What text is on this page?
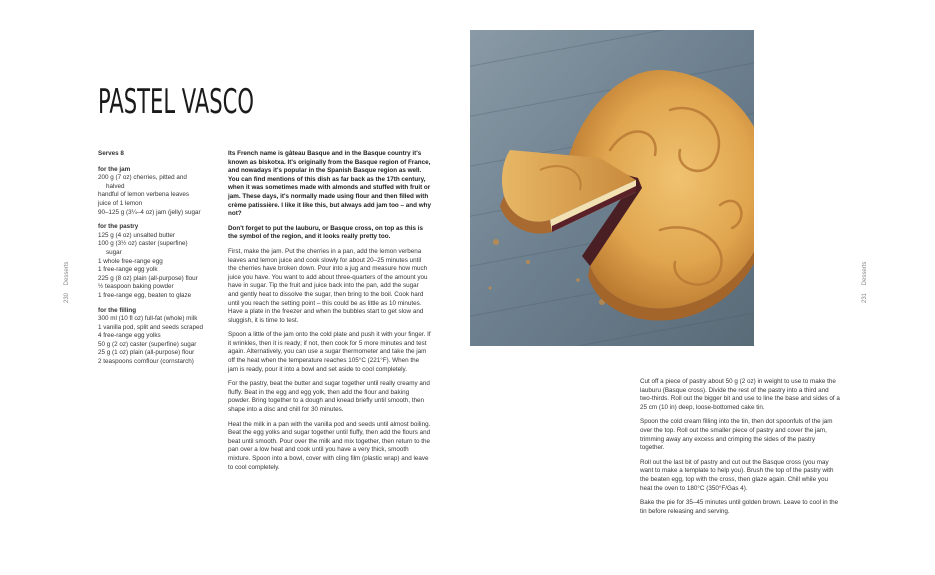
PASTEL VASCO
230 Desserts
Serves 8
for the jam
200 g (7 oz) cherries, pitted and
halved
handful of lemon verbena leaves
juice of 1 lemon
90–125 g (3¼–4 oz) jam (jelly) sugar
for the pastry
125 g (4 oz) unsalted butter
100 g (3½ oz) caster (superfine)
sugar
1 whole free-range egg
1 free-range egg yolk
225 g (8 oz) plain (all-purpose) flour
½ teaspoon baking powder
1 free-range egg, beaten to glaze
for the filling
300 ml (10 fl oz) full-fat (whole) milk
1 vanilla pod, split and seeds scraped
4 free-range egg yolks
50 g (2 oz) caster (superfine) sugar
25 g (1 oz) plain (all-purpose) flour
2 teaspoons cornflour (cornstarch)

Its French name is gâteau Basque and in the Basque country it's known as biskotxa. It's originally from the Basque region of France, and nowadays it's popular in the Spanish Basque region as well. You can find mentions of this dish as far back as the 17th century, when it was sometimes made with almonds and stuffed with fruit or jam. These days, it's normally made using flour and then filled with crème patissière. I like it like this, but always add jam too – and why not?

Don't forget to put the lauburu, or Basque cross, on top as this is the symbol of the region, and it looks really pretty too.

First, make the jam. Put the cherries in a pan, add the lemon verbena leaves and lemon juice and cook slowly for about 20–25 minutes until the cherries have broken down. Pour into a jug and measure how much juice you have. You want to add about three-quarters of the amount you have in sugar. Tip the fruit and juice back into the pan, add the sugar and gently heat to dissolve the sugar, then bring to the boil. Cook hard until you reach the setting point – this could be as little as 10 minutes. Have a plate in the freezer and when the bubbles start to get slow and sluggish, it is time to test.

Spoon a little of the jam onto the cold plate and push it with your finger. If it wrinkles, then it is ready; if not, then cook for 5 more minutes and test again. Alternatively, you can use a sugar thermometer and take the jam off the heat when the temperature reaches 105°C (221°F). When the jam is ready, pour it into a bowl and set aside to cool completely.

For the pastry, beat the butter and sugar together until really creamy and fluffy. Beat in the egg and egg yolk, then add the flour and baking powder. Bring together to a dough and knead briefly until smooth, then shape into a disc and chill for 30 minutes.

Heat the milk in a pan with the vanilla pod and seeds until almost boiling. Beat the egg yolks and sugar together until fluffy, then add the flours and beat until smooth. Pour over the milk and mix together, then return to the pan over a low heat and cook until you have a very thick, smooth mixture. Spoon into a bowl, cover with cling film (plastic wrap) and leave to cool completely.

231 Desserts

Cut off a piece of pastry about 50 g (2 oz) in weight to use to make the lauburu (Basque cross). Divide the rest of the pastry into a third and two-thirds. Roll out the bigger bit and use to line the base and sides of a 25 cm (10 in) deep, loose-bottomed cake tin.

Spoon the cold cream filling into the tin, then dot spoonfuls of the jam over the top. Roll out the smaller piece of pastry and cover the jam, trimming away any excess and crimping the sides of the pastry together.

Roll out the last bit of pastry and cut out the Basque cross (you may want to make a template to help you). Brush the top of the pastry with the beaten egg, top with the cross, then glaze again. Chill while you heat the oven to 180°C (350°F/Gas 4).

Bake the pie for 35–45 minutes until golden brown. Leave to cool in the tin before releasing and serving.
